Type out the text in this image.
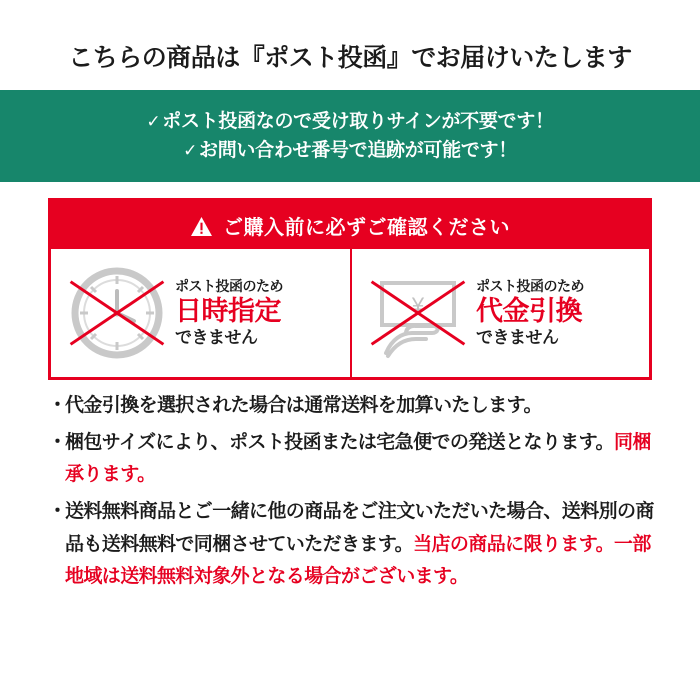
こちらの商品は『ポスト投函』でお届けいたします
✓ ポスト投函なので受け取りサインが不要です！
✓ お問い合わせ番号で追跡が可能です！
ご購入前に必ずご確認ください
ポスト投函のため
日時指定
できません
¥
ポスト投函のため
代金引換
できません
・
代金引換を選択された場合は通常送料を加算いたします。
・
梱包サイズにより、ポスト投函または宅急便での発送となります。同梱承ります。
・
送料無料商品とご一緒に他の商品をご注文いただいた場合、送料別の商品も送料無料で同梱させていただきます。当店の商品に限ります。一部地域は送料無料対象外となる場合がございます。
